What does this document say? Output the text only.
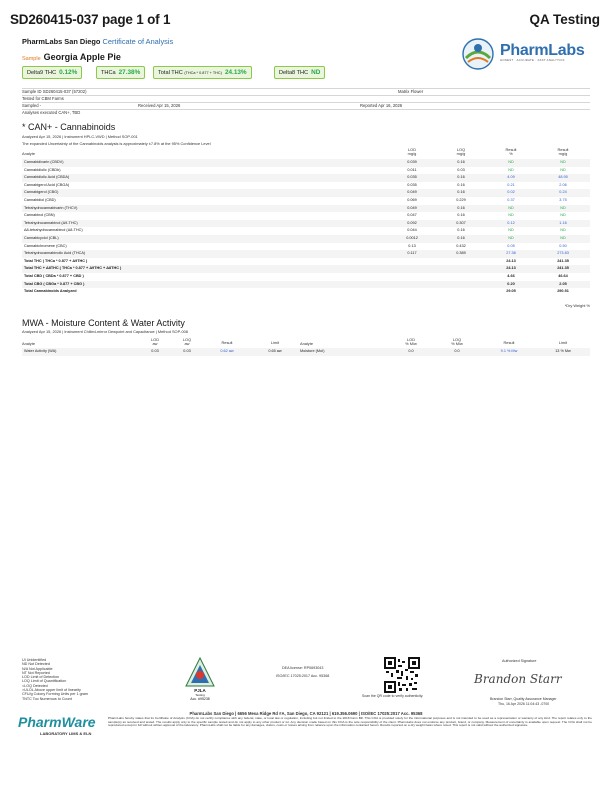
SD260415-037 page 1 of 1	QA Testing
PharmLabs San Diego Certificate of Analysis
Sample Georgia Apple Pie
Delta9 THC 0.12%	THCa 27.38%	Total THC (THCa * 0.877 + THC) 24.13%	Delta8 THC ND
PharmLabs
HONEST · ACCURATE · FAST ANALYTICS
Sample ID SD260415-037 (57202)	Matrix Flower
Tested for CBM Farms
Sampled -	Received Apr 15, 2026	Reported Apr 16, 2026
Analyses executed CAN+, TBD
* CAN+ - Cannabinoids
Analyzed Apr 15, 2026 | Instrument HPLC-VWD | Method SOP-001
The expanded Uncertainty of the Cannabinoids analysis is approximately ±7.8% at the 95% Confidence Level
Analyte
LOD
mg/g
LOQ
mg/g
Result
%
Result
mg/g
Cannabidivarin (CBDV)	0.039	0.16	ND	ND
Cannabidiolic (CBDb)	0.011	0.03	ND	ND
Cannabidiolic Acid (CBDA)	0.035	0.16	4.09	48.95
Cannabigerol Acid (CBGA)	0.035	0.16	0.21	2.06
Cannabigerol (CBG)	0.049	0.16	0.02	0.24
Cannabidiol (CBD)	0.069	0.229	0.37	3.75
Tetrahydrocannabivarin (THCV)	0.049	0.16	ND	ND
Cannabinol (CBN)	0.047	0.16	ND	ND
Tetrahydrocannabinol (Δ9-THC)	0.092	0.307	0.12	1.16
Δ8-tetrahydrocannabinol (Δ8-THC)	0.044	0.16	ND	ND
Cannabicyclol (CBL)	0.0012	0.16	ND	ND
Cannabichromene (CBC)	0.13	0.432	0.05	0.50
Tetrahydrocannabinolic Acid (THCA)	0.117	0.389	27.38	273.83
Total THC ( THCa * 0.877 + Δ9THC )	24.13	241.35
Total THC + Δ8THC ( THCa * 0.877 + Δ9THC + Δ8THC )	24.13	241.35
Total CBD ( CBDa * 0.877 + CBD )	4.66	46.64
Total CBG ( CBGa * 0.877 + CBG )	0.20	2.05
Total Cannabinoids Analyzed	29.05	290.51
*Dry Weight %
MWA - Moisture Content & Water Activity
Analyzed Apr 15, 2026 | Instrument Chilled-mirror Dewpoint and Capacitance | Method SOP-008
Analyte
LOD
aw
LOQ
aw	Result	Limit	Analyte
LOD
% M/w
LOQ
% M/w	Result	Limit
Water Activity (WA)	0.03	0.03	0.62 aw	0.65 aw	Moisture (MoI)	0.0	0.0	9.1 % Mw	13 % Mw
UI Unidentified
ND Not Detected
N/A Not Applicable
NT Not Reported
LOD Limit of Detection
LOQ Limit of Quantification
<LOQ Detected
>ULOL Above upper limit of linearity
CFU/g Colony Forming Units per 1 gram
TNTC Too Numerous to Count
PharmWare
LABORATORY LIMS & ELN
PJLA
Testing
Acc. #95238
DEA license: RP0693043
ISO/IEC 17025:2017 Acc. 95368
Scan the QR code to verify authenticity.
Authorized Signature
Brandon Starr
Brandon Starr, Quality Assurance Manager
Thu, 16 Apr 2026 11:04:43 -0700
PharmLabs San Diego | 6656 Mesa Ridge Rd #A, San Diego, CA 92121 | 619.356.0690 | ISO/IEC 17025:2017 Acc. 95368
PharmLabs hereby states that its Certificate of Analysis (COA) do not certify compliance with any federal, state, or local law or regulation, including but not limited to the 2018 Farm Bill. This COA is provided solely for the informational purposes and is not intended to be used as a representation or warranty of any kind. The report relates only to the sample(s) as received and tested. The results apply only to the specific sample tested and do not apply to any other product or lot. Any decision made based on this COA is the sole responsibility of the client. PharmLabs does not endorse any product, brand, or company. Measurement of uncertainty is available upon request. The COA shall not be reproduced except in full without written approval of the laboratory. PharmLabs shall not be liable for any damages, claims, costs or losses arising from reliance upon the information contained herein. Results reported on a dry weight basis where noted. This report is not valid without the authorized signature.
